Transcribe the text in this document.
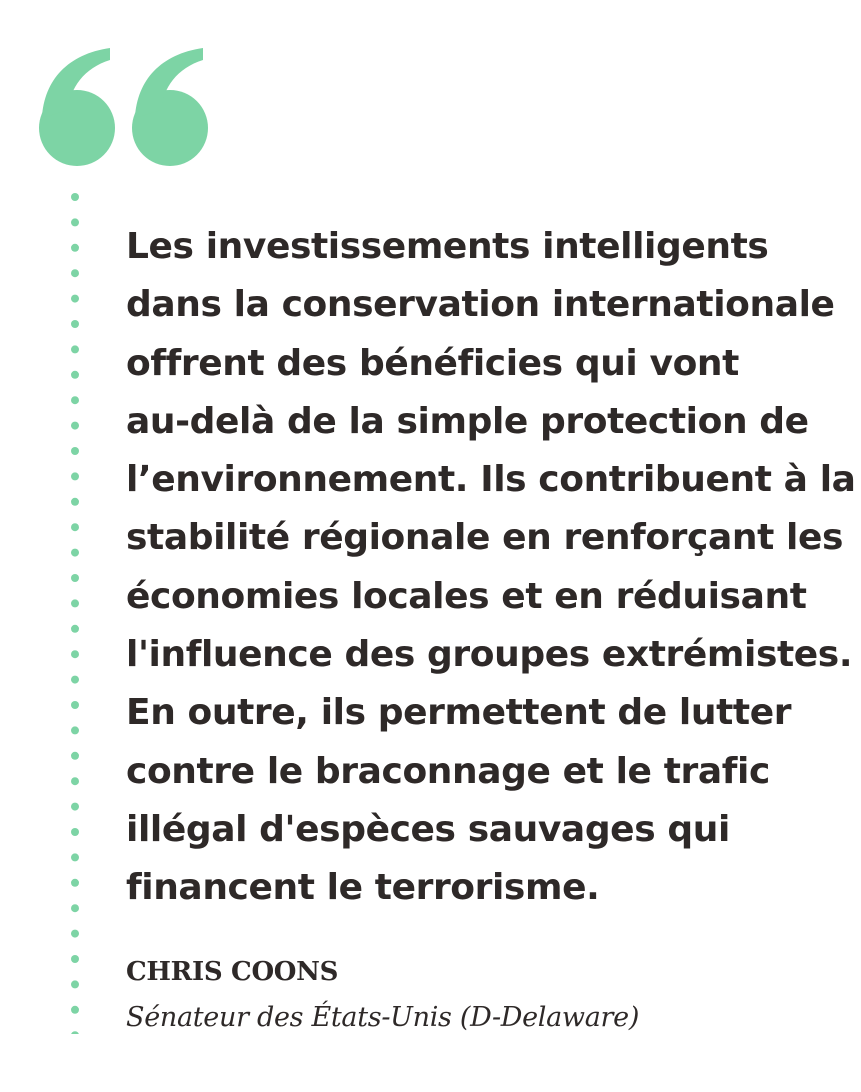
Les investissements intelligents
dans la conservation internationale
offrent des bénéficies qui vont
au-delà de la simple protection de
l’environnement. Ils contribuent à la
stabilité régionale en renforçant les
économies locales et en réduisant
l'influence des groupes extrémistes.
En outre, ils permettent de lutter
contre le braconnage et le trafic
illégal d'espèces sauvages qui
financent le terrorisme.

CHRIS COONS

Sénateur des États-Unis (D-Delaware)
